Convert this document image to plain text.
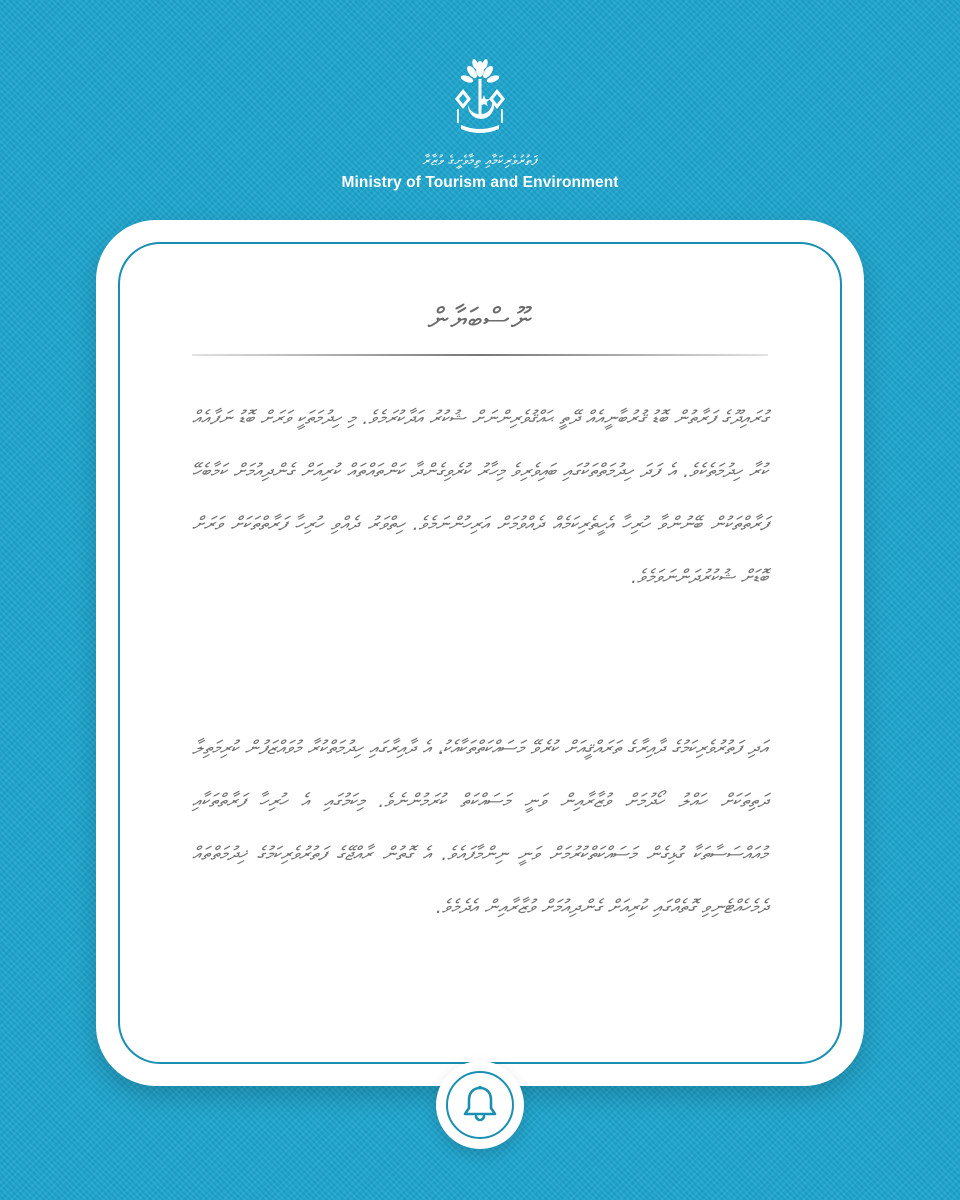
ފަތުރުވެރިކަމާއި ތިމާވެށީގެ ވުޒާރާ
Ministry of Tourism and Environment
ނޫސްބަޔާން

ގުރައިދޫގެ ފަރާތުން ބޮޑު ޤުރުބާނީއެއް ދޭތީ ޙައްޤުވެރިންނަށް ޝުކުރު އަދާކުރަމެވެ. މި ހިދުމަތަކީ ވަރަށް ބޮޑު ނަފާއެއް ކުރާ ހިދުމަތެކެވެ. އެ ފަދަ ހިދުމަތްތަކުގައި ބައިވެރިވެ މިހާރު ކުރެވިގެންދާ ކަންތައްތައް ކުރިއަށް ގެންދިއުމަށް ކަމާބެހޭ ފަރާތްތަކުން ބޭނުންވާ ހުރިހާ އެހީތެރިކަމެއް ދެއްވުމަށް އަރިހުންނަމެވެ. ހިތްވަރު ދެއްވި ހުރިހާ ފަރާތްތަކަށް ވަރަށް ބޮޑަށް ޝުކުރުދަންނަވަމެވެ.

އަދި ފަތުރުވެރިކަމުގެ ދާއިރާގެ ތަރައްޤީއަށް ކުރެވޭ މަސައްކަތްތަކާއެކު، އެ ދާއިރާގައި ހިދުމަތްކުރާ މުވައްޒަފުން ކުރިމަތިލާ ދަތިތަކަށް ހައްލު ހޯދުމަށް ވުޒާރާއިން ވަނީ މަސައްކަތް ކުރަމުންނެވެ. މިކަމުގައި އެ ހުރިހާ ފަރާތްތަކާއި މުއައްސަސާތަކާ ގުޅިގެން މަސައްކަތްކުރުމަށް ވަނީ ނިންމާފައެވެ. އެ ގޮތުން ރާއްޖޭގެ ފަތުރުވެރިކަމުގެ ޚިދުމަތްތައް ދެމެހެއްޓެނިވި ގޮތެއްގައި ކުރިއަށް ގެންދިއުމަށް ވުޒާރާއިން އެދެމެވެ.
